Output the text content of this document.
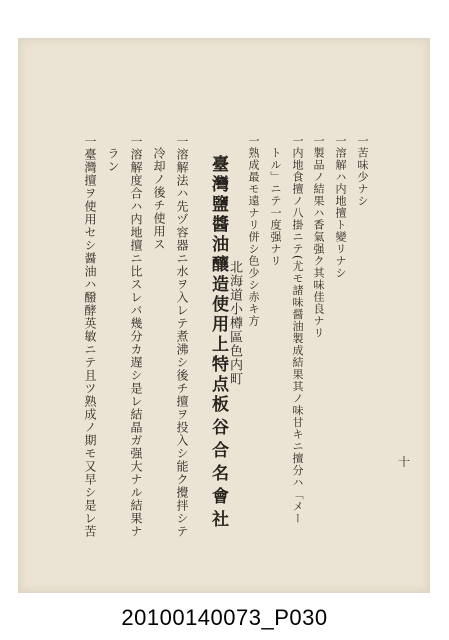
十
一苦味少ナシ
一溶解ハ内地擅ト變リナシ
一製品ノ結果ハ香氣强ク其味佳良ナリ
一内地食擅ノ八掛ニテ(尤モ諸味醤油製成結果其ノ味甘キニ擅分ハ「メー
トル」ニテ一度强ナリ
一熟成最モ遠ナリ併シ色少シ赤キ方
臺灣鹽醬油釀造使用上特点 北海道小樽區色内町
板谷合名會社
一溶解法ハ先ヅ容器ニ水ヲ入レテ煮沸シ後チ擅ヲ投入シ能ク攪拌シテ
冷却ノ後チ使用ス
一溶解度合ハ内地擅ニ比スレバ幾分カ遅シ是レ結晶ガ强大ナル結果ナ
ラン
一臺灣擅ヲ使用セシ醤油ハ醱酵英敏ニテ且ツ熟成ノ期モ又早シ是レ苦
20100140073_P030
